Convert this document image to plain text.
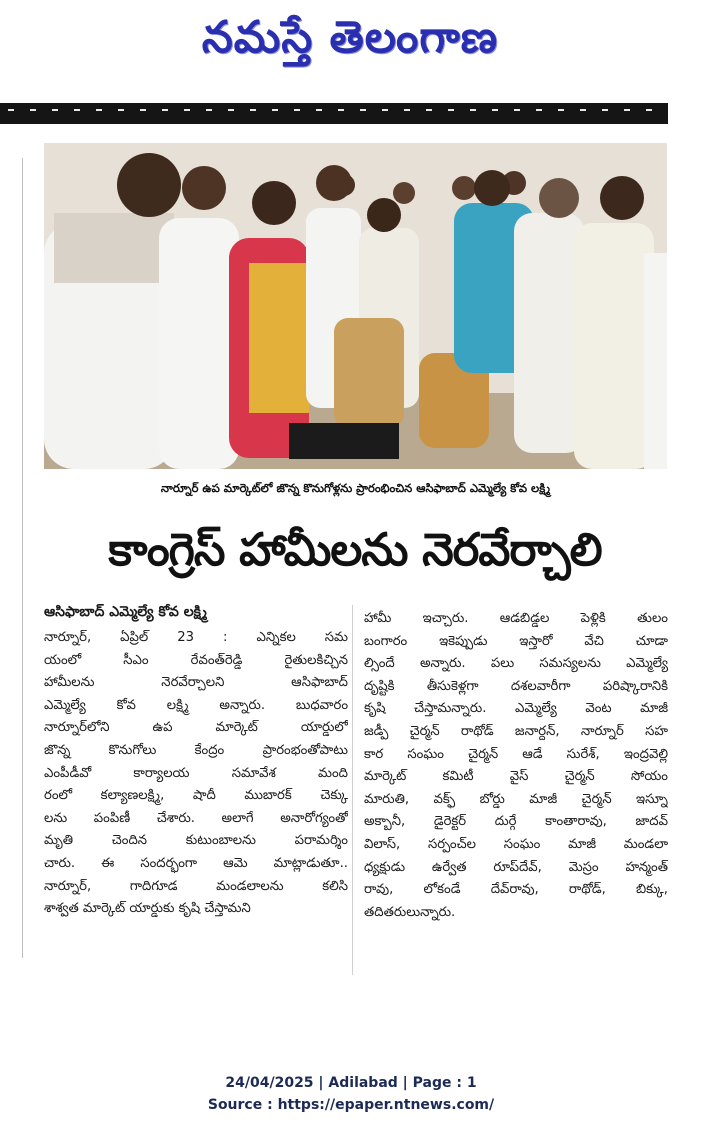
నమస్తే తెలంగాణ
నార్నూర్ ఉప మార్కెట్‌లో జొన్న కొనుగోళ్లను ప్రారంభించిన ఆసిఫాబాద్ ఎమ్మెల్యే కోవ లక్ష్మి
కాంగ్రెస్ హామీలను నెరవేర్చాలి
ఆసిఫాబాద్ ఎమ్మెల్యే కోవ లక్ష్మి
నార్నూర్, ఏప్రిల్ 23 : ఎన్నికల సమ
యంలో సీఎం రేవంత్‌రెడ్డి రైతులకిచ్చిన
హామీలను నెరవేర్చాలని ఆసిఫాబాద్
ఎమ్మెల్యే కోవ లక్ష్మి అన్నారు. బుధవారం
నార్నూర్‌లోని ఉప మార్కెట్ యార్డులో
జొన్న కొనుగోలు కేంద్రం ప్రారంభంతోపాటు
ఎంపీడీవో కార్యాలయ సమావేశ మంది
రంలో కల్యాణలక్ష్మి, షాదీ ముబారక్ చెక్కు
లను పంపిణీ చేశారు. అలాగే అనారోగ్యంతో
మృతి చెందిన కుటుంబాలను పరామర్శిం
చారు. ఈ సందర్భంగా ఆమె మాట్లాడుతూ..
నార్నూర్, గాదిగూడ మండలాలను కలిసి
శాశ్వత మార్కెట్ యార్డుకు కృషి చేస్తామని
హామీ ఇచ్చారు. ఆడబిడ్డల పెళ్లికి తులం
బంగారం ఇకెప్పుడు ఇస్తారో వేచి చూడా
ల్సిందే అన్నారు. పలు సమస్యలను ఎమ్మెల్యే
దృష్టికి తీసుకెళ్లగా దశలవారీగా పరిష్కారానికి
కృషి చేస్తామన్నారు. ఎమ్మెల్యే వెంట మాజీ
జడ్పీ చైర్మన్ రాథోడ్ జనార్దన్, నార్నూర్ సహ
కార సంఘం చైర్మన్ ఆడే సురేశ్, ఇంద్రవెల్లి
మార్కెట్ కమిటీ వైస్ చైర్మన్ సోయం
మారుతి, వక్ఫ్ బోర్డు మాజీ చైర్మన్ ఇస్నూ
అక్బానీ, డైరెక్టర్ దుర్గే కాంతారావు, జాదవ్
విలాస్, సర్పంచ్‌ల సంఘం మాజీ మండలా
ధ్యక్షుడు ఉర్వేత రూప్‌దేవ్, మెస్రం హన్మంత్
రావు, లోకండే దేవ్‌రావు, రాథోడ్, బిక్కు,
తదితరులున్నారు.
24/04/2025 | Adilabad | Page : 1
Source : https://epaper.ntnews.com/
